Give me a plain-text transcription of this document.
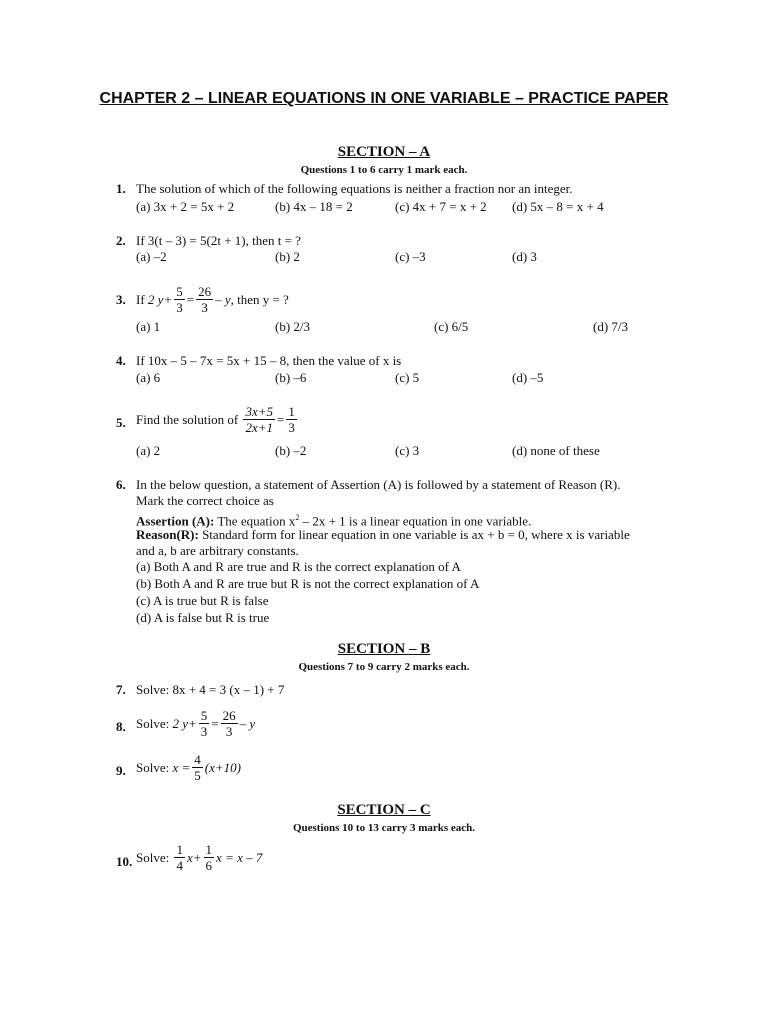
CHAPTER 2 – LINEAR EQUATIONS IN ONE VARIABLE – PRACTICE PAPER
SECTION – A
Questions 1 to 6 carry 1 mark each.
1. The solution of which of the following equations is neither a fraction nor an integer.
(a) 3x + 2 = 5x + 2	(b) 4x – 18 = 2	(c) 4x + 7 = x + 2 (d) 5x – 8 = x + 4
2. If 3(t – 3) = 5(2t + 1), then t = ?
(a) –2	(b) 2	(c) –3	(d) 3
3. If
2 $y+ \frac{5}{3} = \frac{26}{3} - y$ , then y = ?
(a) 1	(b) 2/3	(c) 6/5	(d) 7/3
4. If 10x – 5 – 7x = 5x + 15 – 8, then the value of x is
(a) 6	(b) –6	(c) 5	(d) –5
5. Find the solution of
$\frac{3x+5}{2x+1} = \frac{1}{3}$
(a) 2	(b) –2	(c) 3	(d) none of these
6. In the below question, a statement of Assertion (A) is followed by a statement of Reason (R).
Mark the correct choice as
Assertion (A): The equation $x^2 - 2x + 1$ is a linear equation in one variable.
Reason(R): Standard form for linear equation in one variable is ax + b = 0, where x is variable
and a, b are arbitrary constants.
(a) Both A and R are true and R is the correct explanation of A
(b) Both A and R are true but R is not the correct explanation of A
(c) A is true but R is false
(d) A is false but R is true
SECTION – B
Questions 7 to 9 carry 2 marks each.
7. Solve: 8x + 4 = 3 (x – 1) + 7
8. Solve:
2 $y+ \frac{5}{3} = \frac{26}{3} - y$
9. Solve:
$x = \frac{4}{5} (x+10)$
SECTION – C
Questions 10 to 13 carry 3 marks each.
10. Solve:
$\frac{1}{4} x+ \frac{1}{6}$ x = x – 7
